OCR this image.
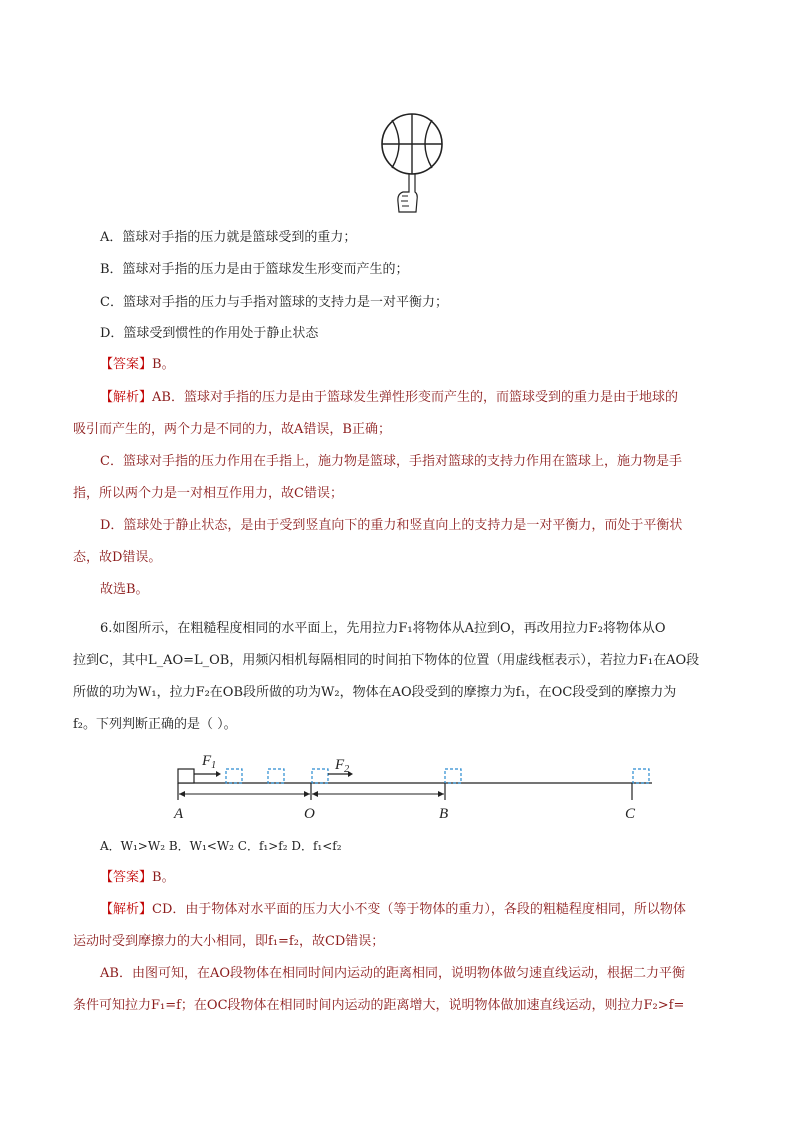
A．篮球对手指的压力就是篮球受到的重力；
B．篮球对手指的压力是由于篮球发生形变而产生的；
C．篮球对手指的压力与手指对篮球的支持力是一对平衡力；
D．篮球受到惯性的作用处于静止状态
【答案】B。
【解析】AB．篮球对手指的压力是由于篮球发生弹性形变而产生的，而篮球受到的重力是由于地球的
吸引而产生的，两个力是不同的力，故A错误，B正确；
C．篮球对手指的压力作用在手指上，施力物是篮球，手指对篮球的支持力作用在篮球上，施力物是手
指，所以两个力是一对相互作用力，故C错误；
D．篮球处于静止状态，是由于受到竖直向下的重力和竖直向上的支持力是一对平衡力，而处于平衡状
态，故D错误。
故选B。
6.如图所示，在粗糙程度相同的水平面上，先用拉力F₁将物体从A拉到O，再改用拉力F₂将物体从O
拉到C，其中L_AO=L_OB，用频闪相机每隔相同的时间拍下物体的位置（用虚线框表示），若拉力F₁在AO段
所做的功为W₁，拉力F₂在OB段所做的功为W₂，物体在AO段受到的摩擦力为f₁，在OC段受到的摩擦力为
f₂。下列判断正确的是（ ）。
$F_1$	$F_2$
A	O	B	C
A．W₁>W₂ B．W₁<W₂ C．f₁>f₂ D．f₁<f₂
【答案】B。
【解析】CD．由于物体对水平面的压力大小不变（等于物体的重力），各段的粗糙程度相同，所以物体
运动时受到摩擦力的大小相同，即f₁=f₂，故CD错误；
AB．由图可知，在AO段物体在相同时间内运动的距离相同，说明物体做匀速直线运动，根据二力平衡
条件可知拉力F₁=f；在OC段物体在相同时间内运动的距离增大，说明物体做加速直线运动，则拉力F₂>f=
